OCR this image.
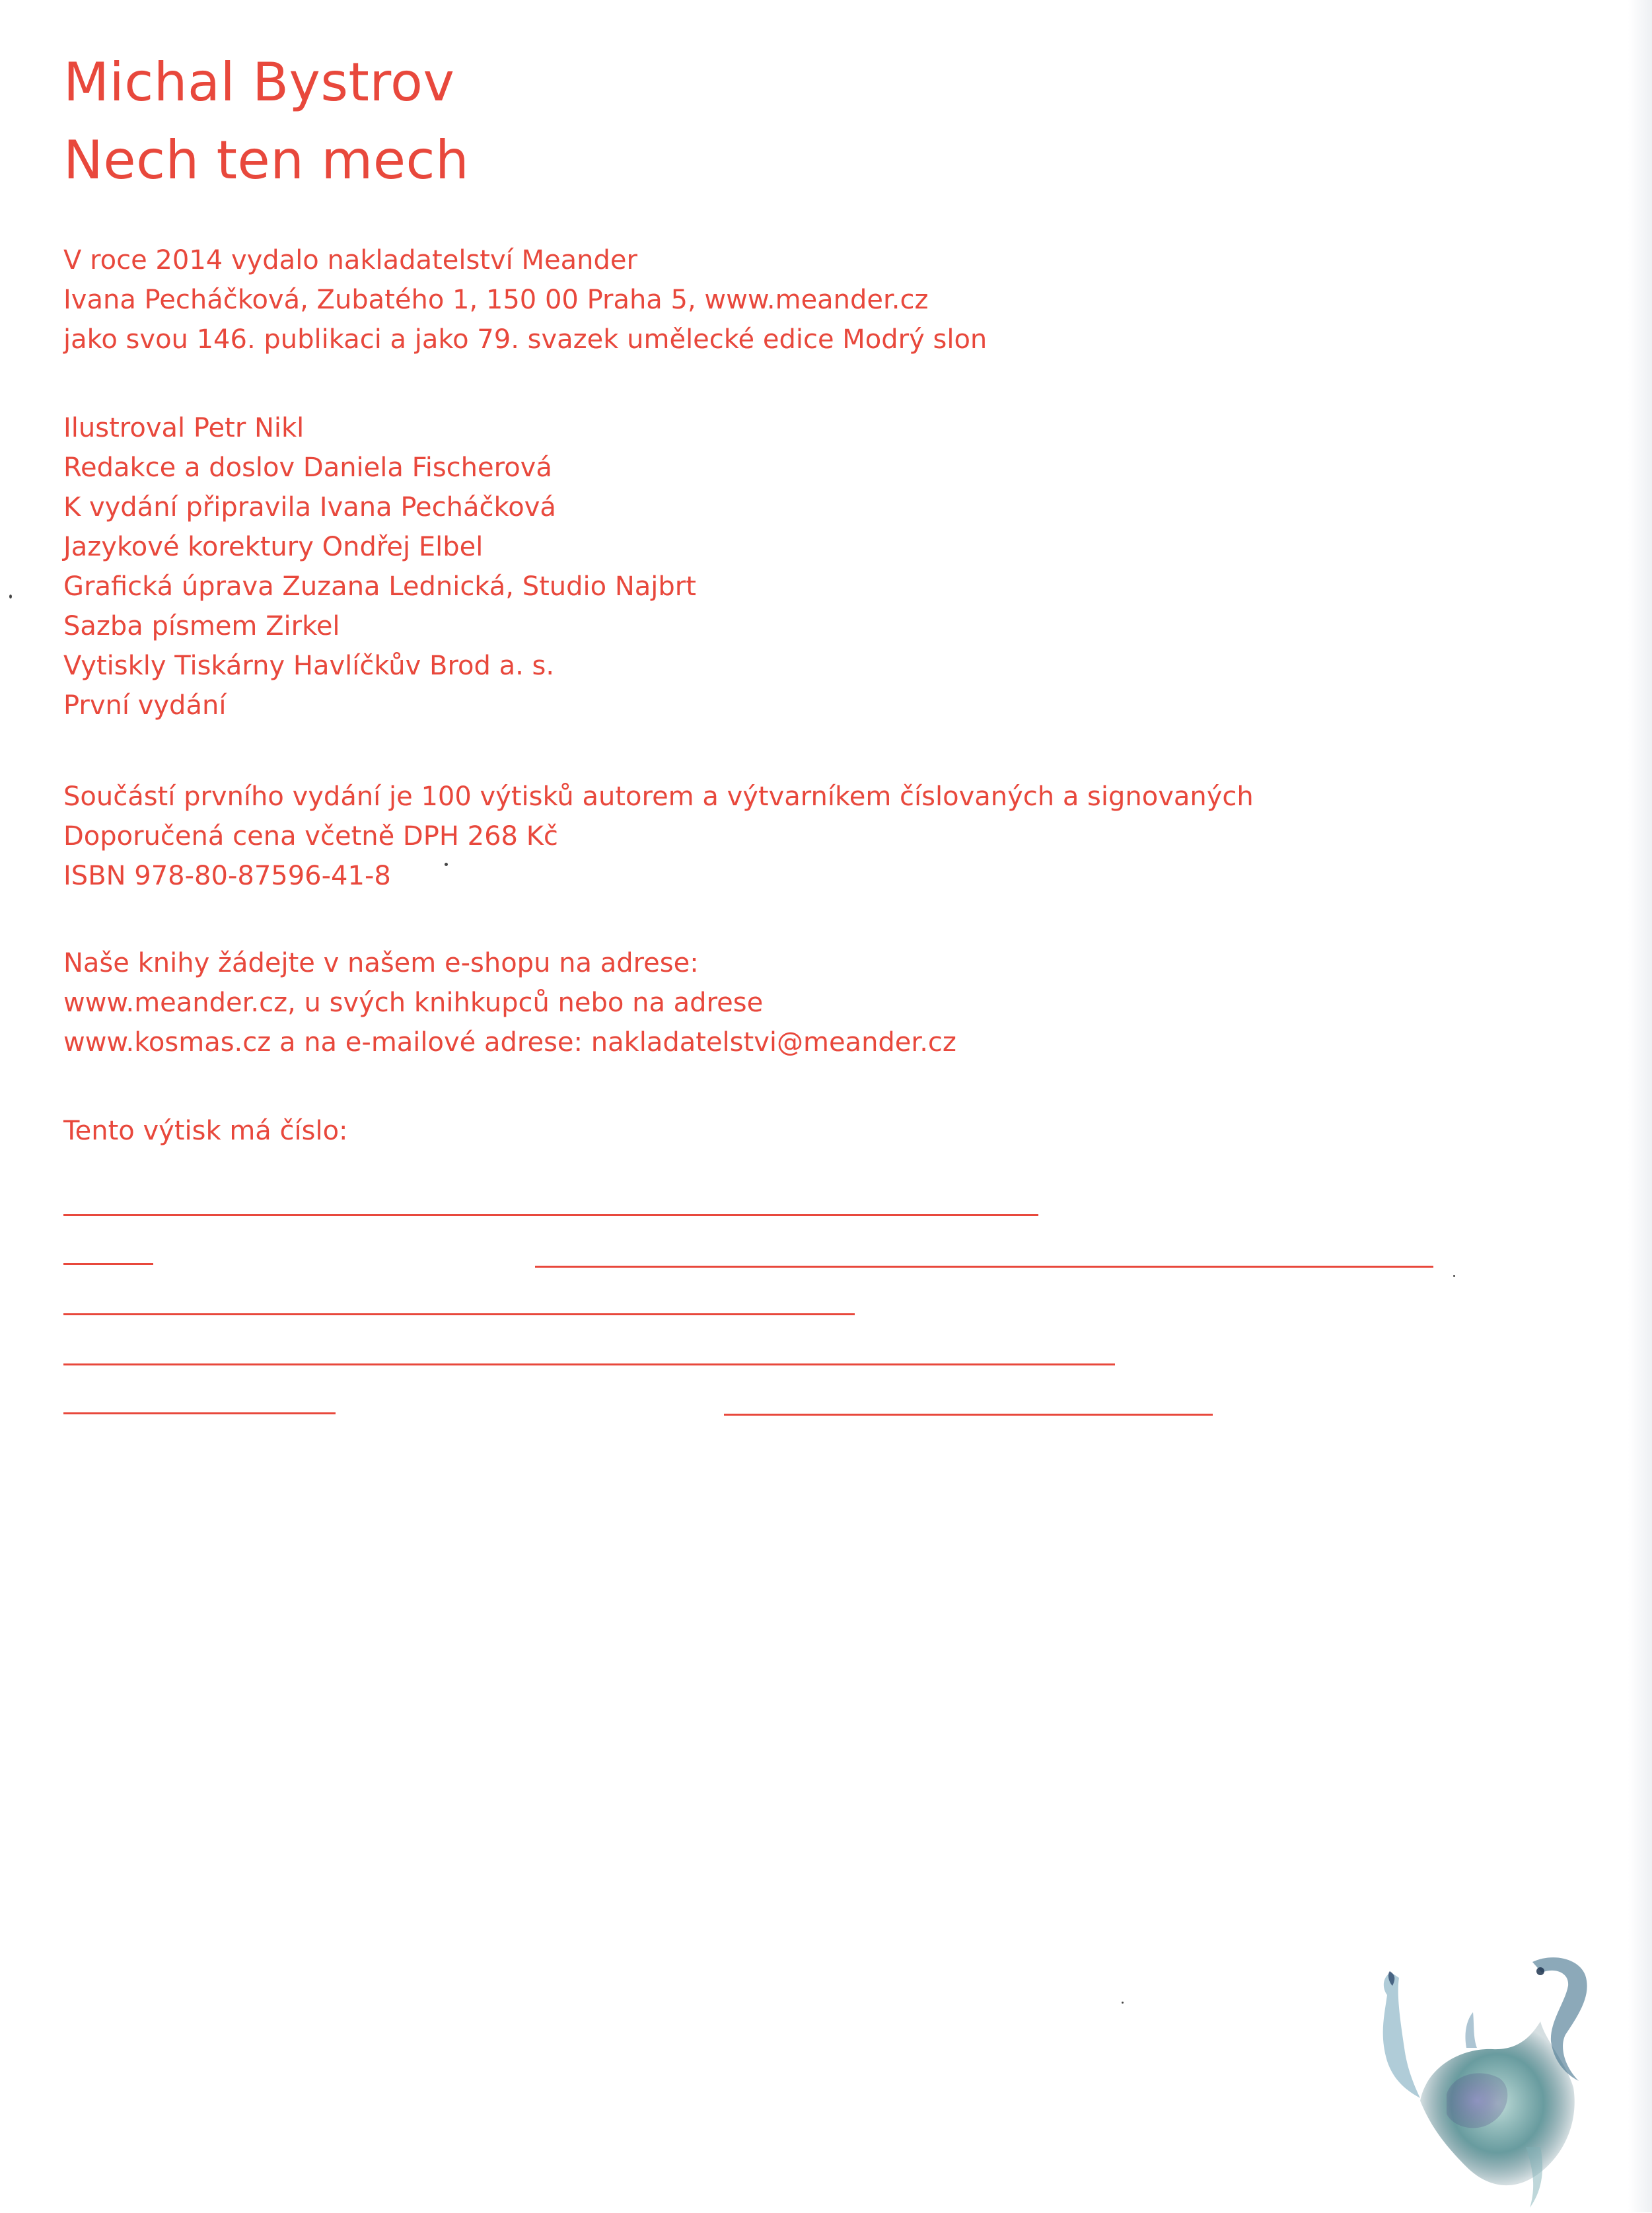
Michal Bystrov
Nech ten mech
V roce 2014 vydalo nakladatelství Meander
Ivana Pecháčková, Zubatého 1, 150 00 Praha 5, www.meander.cz
jako svou 146. publikaci a jako 79. svazek umělecké edice Modrý slon
Ilustroval Petr Nikl
Redakce a doslov Daniela Fischerová
K vydání připravila Ivana Pecháčková
Jazykové korektury Ondřej Elbel
Grafická úprava Zuzana Lednická, Studio Najbrt
Sazba písmem Zirkel
Vytiskly Tiskárny Havlíčkův Brod a. s.
První vydání
Součástí prvního vydání je 100 výtisků autorem a výtvarníkem číslovaných a signovaných
Doporučená cena včetně DPH 268 Kč
ISBN 978-80-87596-41-8
Naše knihy žádejte v našem e-shopu na adrese:
www.meander.cz, u svých knihkupců nebo na adrese
www.kosmas.cz a na e-mailové adrese: nakladatelstvi@meander.cz
Tento výtisk má číslo:
